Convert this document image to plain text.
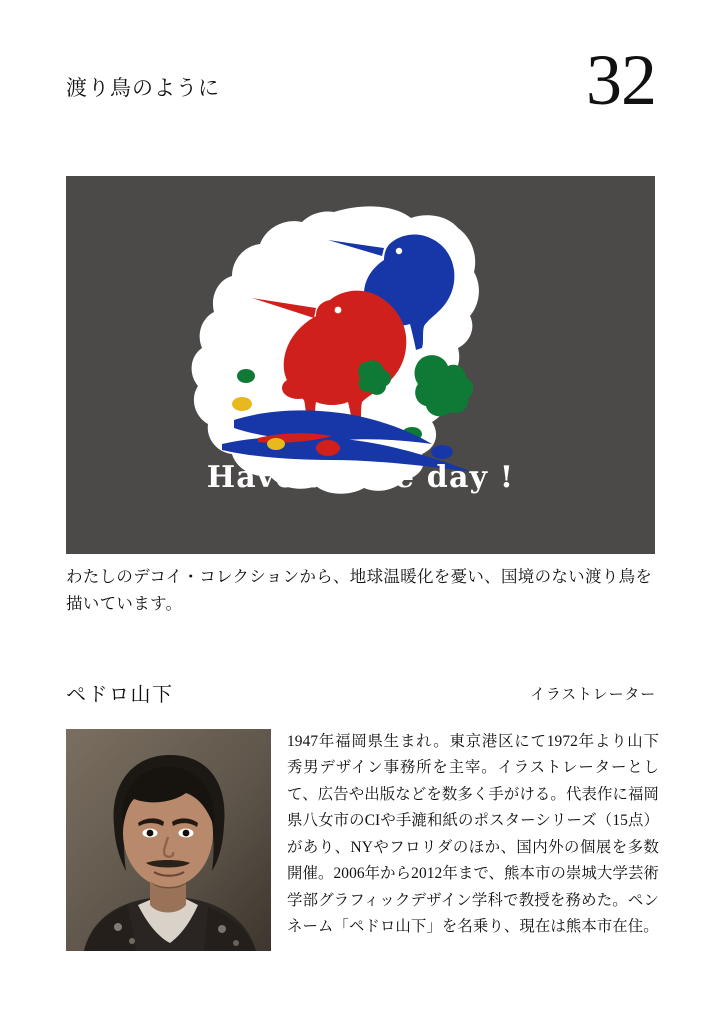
渡り鳥のように	32
Have a nice day !
わたしのデコイ・コレクションから、地球温暖化を憂い、国境のない渡り鳥を描いています。
ペドロ山下	イラストレーター
1947年福岡県生まれ。東京港区にて1972年より山下秀男デザイン事務所を主宰。イラストレーターとして、広告や出版などを数多く手がける。代表作に福岡県八女市のCIや手漉和紙のポスターシリーズ（15点）があり、NYやフロリダのほか、国内外の個展を多数開催。2006年から2012年まで、熊本市の崇城大学芸術学部グラフィックデザイン学科で教授を務めた。ペンネーム「ペドロ山下」を名乗り、現在は熊本市在住。
